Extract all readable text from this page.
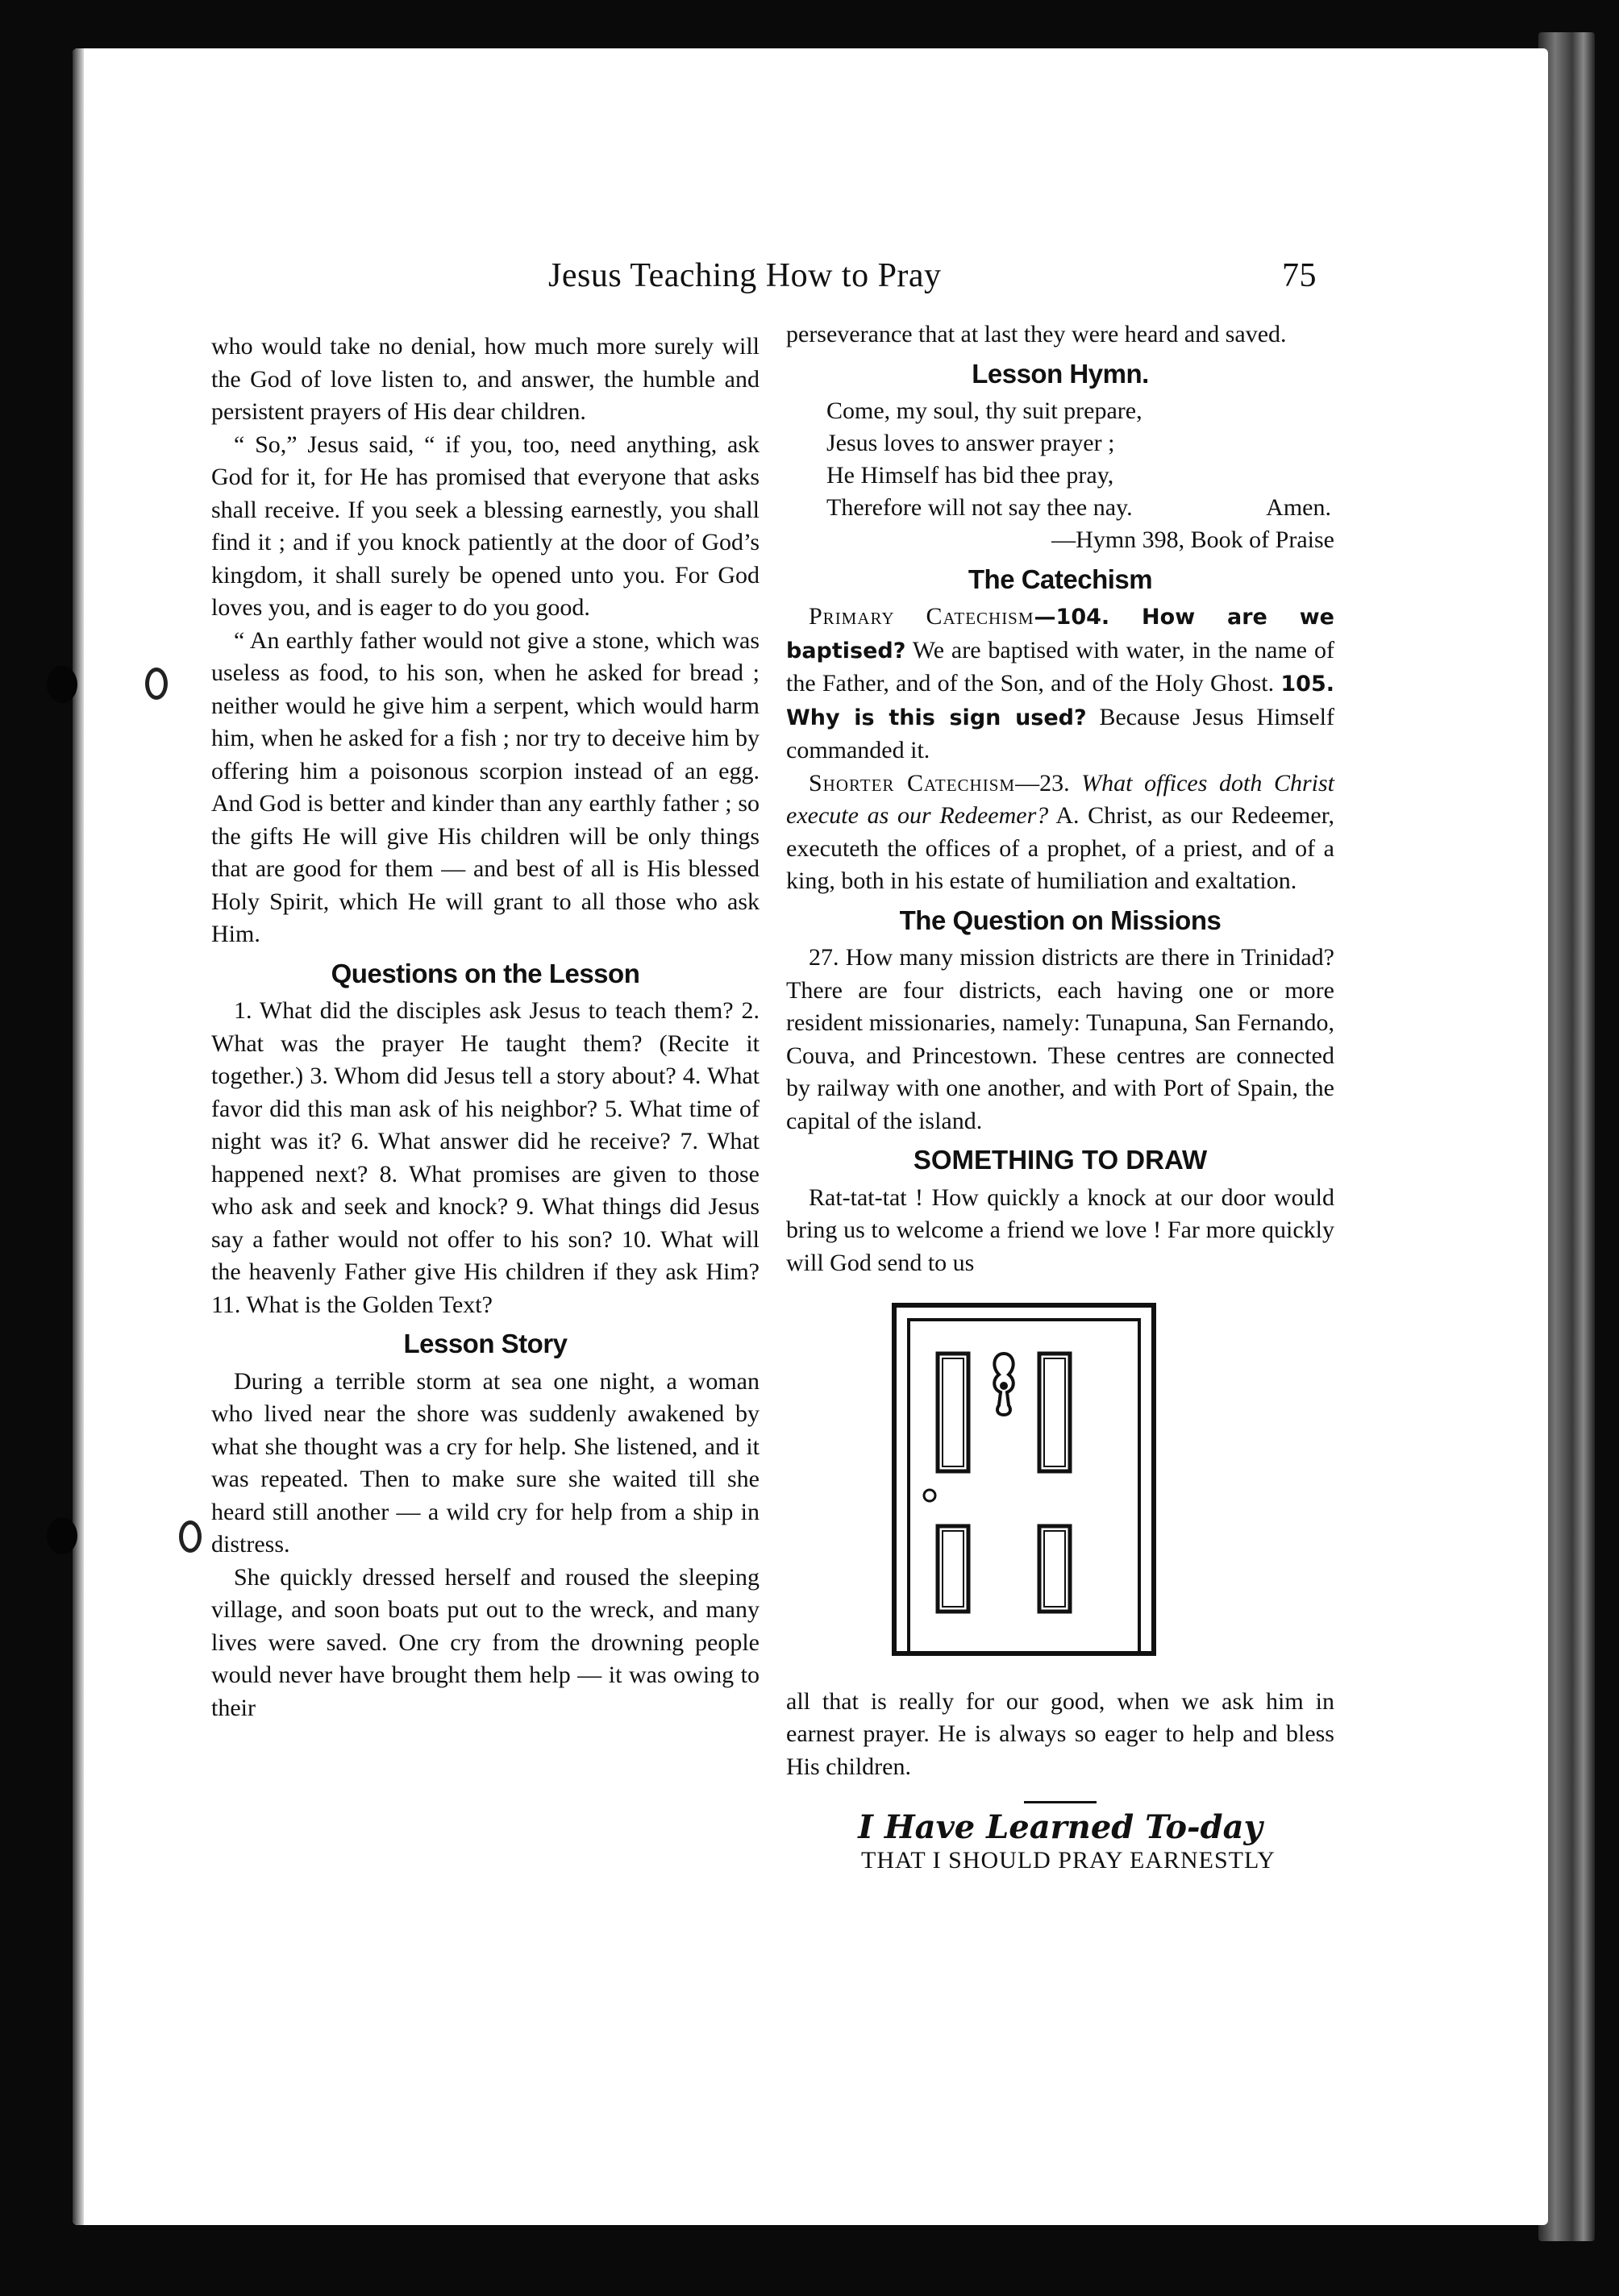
Jesus Teaching How to Pray	75

who would take no denial, how much more surely will the God of love listen to, and answer, the humble and persistent prayers of His dear children.

“ So,” Jesus said, “ if you, too, need anything, ask God for it, for He has promised that everyone that asks shall receive. If you seek a blessing earnestly, you shall find it ; and if you knock patiently at the door of God’s kingdom, it shall surely be opened unto you. For God loves you, and is eager to do you good.

“ An earthly father would not give a stone, which was useless as food, to his son, when he asked for bread ; neither would he give him a serpent, which would harm him, when he asked for a fish ; nor try to deceive him by offering him a poisonous scorpion instead of an egg. And God is better and kinder than any earthly father ; so the gifts He will give His children will be only things that are good for them — and best of all is His blessed Holy Spirit, which He will grant to all those who ask Him.

Questions on the Lesson

1. What did the disciples ask Jesus to teach them? 2. What was the prayer He taught them? (Recite it together.) 3. Whom did Jesus tell a story about? 4. What favor did this man ask of his neighbor? 5. What time of night was it? 6. What answer did he receive? 7. What happened next? 8. What promises are given to those who ask and seek and knock? 9. What things did Jesus say a father would not offer to his son? 10. What will the heavenly Father give His children if they ask Him? 11. What is the Golden Text?

Lesson Story

During a terrible storm at sea one night, a woman who lived near the shore was suddenly awakened by what she thought was a cry for help. She listened, and it was repeated. Then to make sure she waited till she heard still another — a wild cry for help from a ship in distress.

She quickly dressed herself and roused the sleeping village, and soon boats put out to the wreck, and many lives were saved. One cry from the drowning people would never have brought them help — it was owing to their

perseverance that at last they were heard and saved.

Lesson Hymn.
Come, my soul, thy suit prepare,
Jesus loves to answer prayer ;
He Himself has bid thee pray,
Therefore will not say thee nay.	Amen.
—Hymn 398, Book of Praise
The Catechism

Primary Catechism—104. How are we baptised? We are baptised with water, in the name of the Father, and of the Son, and of the Holy Ghost. 105. Why is this sign used? Because Jesus Himself commanded it.

Shorter Catechism—23. What offices doth Christ execute as our Redeemer? A. Christ, as our Redeemer, executeth the offices of a prophet, of a priest, and of a king, both in his estate of humiliation and exaltation.

The Question on Missions

27. How many mission districts are there in Trinidad? There are four districts, each having one or more resident missionaries, namely: Tunapuna, San Fernando, Couva, and Princestown. These centres are connected by railway with one another, and with Port of Spain, the capital of the island.

SOMETHING TO DRAW

Rat-tat-tat ! How quickly a knock at our door would bring us to welcome a friend we love ! Far more quickly will God send to us

all that is really for our good, when we ask him in earnest prayer. He is always so eager to help and bless His children.

I Have Learned To-day
THAT I SHOULD PRAY EARNESTLY
